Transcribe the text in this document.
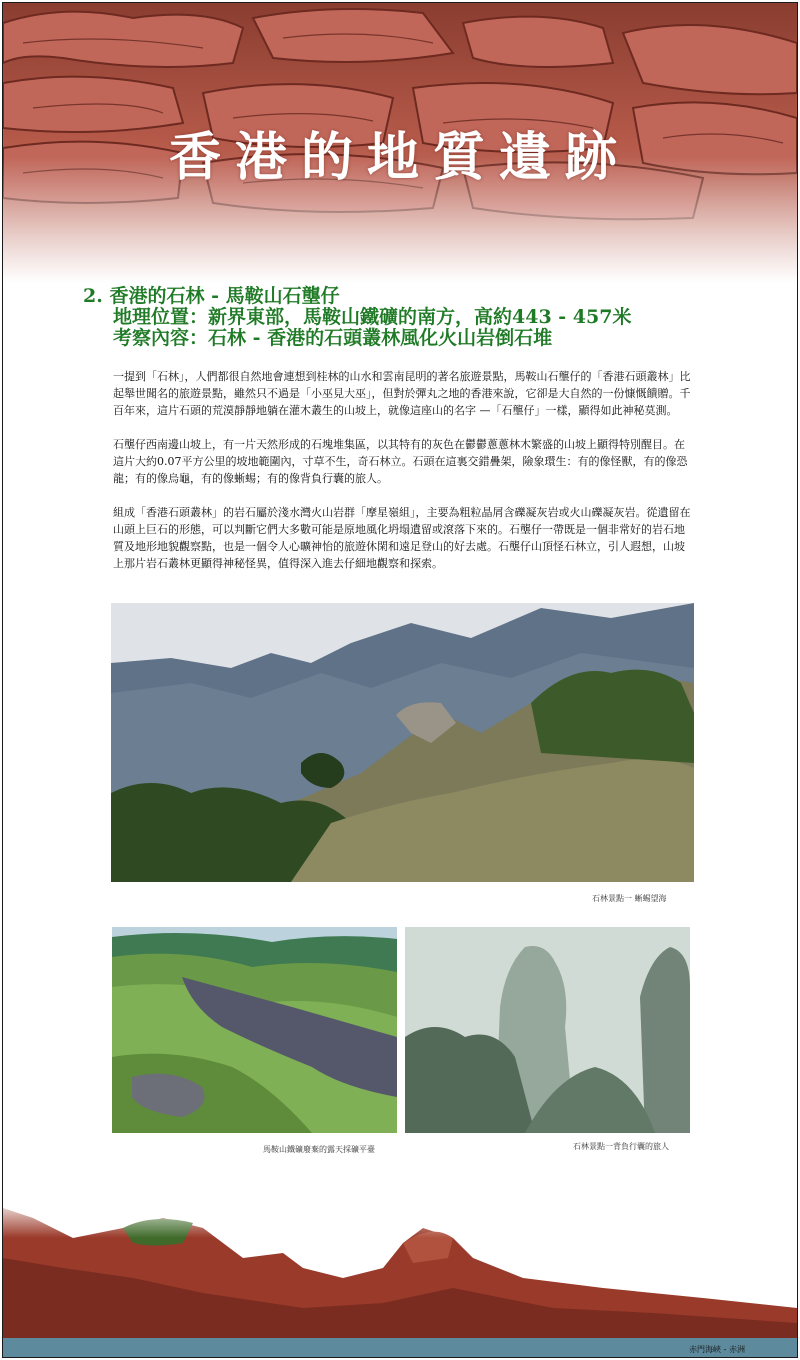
香港的地質遺跡
2. 香港的石林 - 馬鞍山石壟仔
地理位置：新界東部，馬鞍山鐵礦的南方，高約443 - 457米
考察內容：石林 - 香港的石頭叢林風化火山岩倒石堆

一提到「石林」，人們都很自然地會連想到桂林的山水和雲南昆明的著名旅遊景點，馬鞍山石壟仔的「香港石頭叢林」比起舉世聞名的旅遊景點，雖然只不過是「小巫見大巫」，但對於彈丸之地的香港來說，它卻是大自然的一份慷慨饋贈。千百年來，這片石頭的荒漠靜靜地躺在灌木叢生的山坡上，就像這座山的名字 —「石壟仔」一樣，顯得如此神秘莫測。

石壟仔西南邊山坡上，有一片天然形成的石塊堆集區，以其特有的灰色在鬱鬱蔥蔥林木繁盛的山坡上顯得特別醒目。在這片大約0.07平方公里的坡地範圍內，寸草不生，奇石林立。石頭在這裏交錯疊架，險象環生：有的像怪獸，有的像恐龍；有的像烏龜，有的像蜥蜴；有的像背負行囊的旅人。

組成「香港石頭叢林」的岩石屬於淺水灣火山岩群「摩星嶺組」，主要為粗粒晶屑含礫凝灰岩或火山礫凝灰岩。從遺留在山頭上巨石的形態，可以判斷它們大多數可能是原地風化坍塌遺留或滾落下來的。石壟仔一帶既是一個非常好的岩石地質及地形地貌觀察點，也是一個令人心曠神怡的旅遊休閑和遠足登山的好去處。石壟仔山頂怪石林立，引人遐想，山坡上那片岩石叢林更顯得神秘怪異，值得深入進去仔細地觀察和探索。

石林景點一 蜥蜴望海
馬鞍山鐵礦廢棄的露天採礦平臺	石林景點一背負行囊的旅人
赤門海峽 - 赤洲
